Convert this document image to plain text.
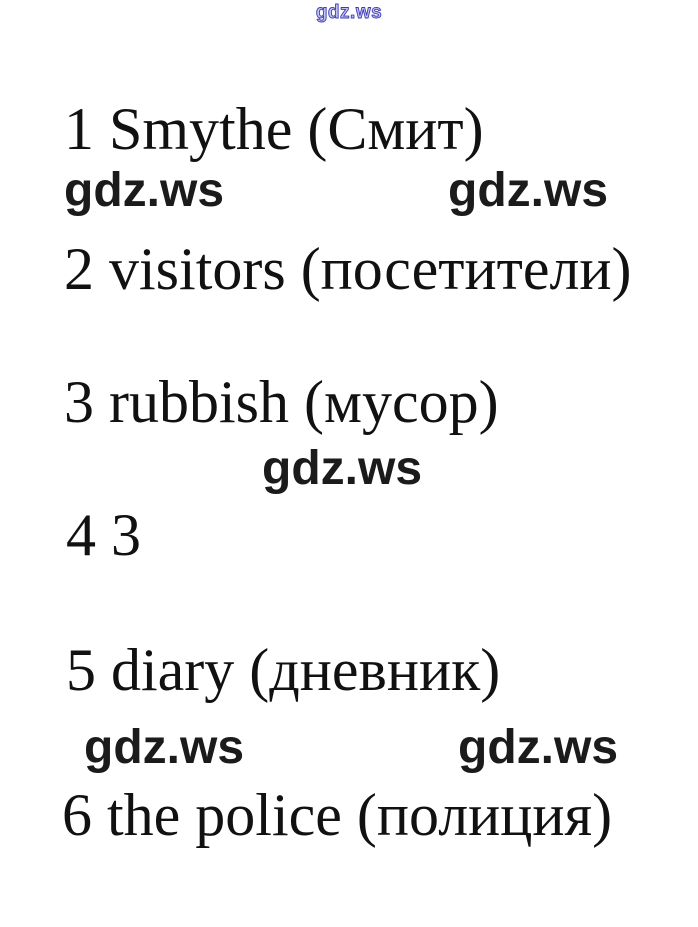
gdz.ws
1 Smythe (Смит)
gdz.ws	gdz.ws
2 visitors (посетители)
3 rubbish (мусор)
gdz.ws
4 3
5 diary (дневник)
gdz.ws	gdz.ws
6 the police (полиция)
